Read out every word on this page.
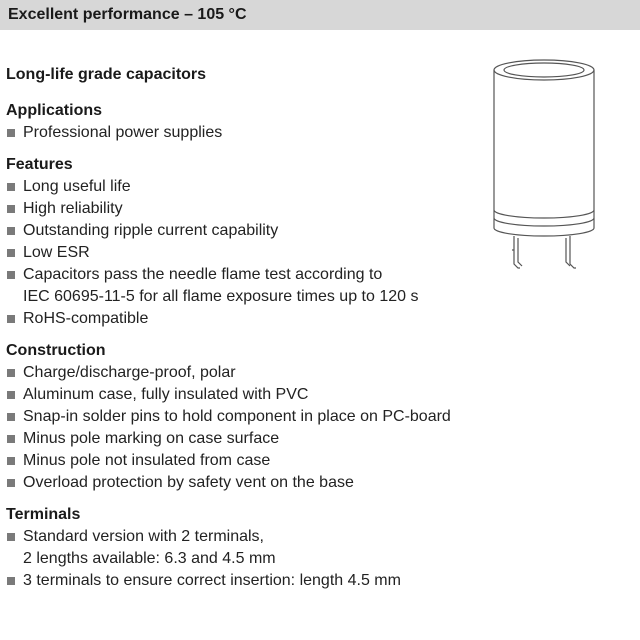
Excellent performance – 105 °C
Long-life grade capacitors
Applications
Professional power supplies
Features
Long useful life
High reliability
Outstanding ripple current capability
Low ESR
Capacitors pass the needle flame test according to
IEC 60695-11-5 for all flame exposure times up to 120 s
RoHS-compatible
Construction
Charge/discharge-proof, polar
Aluminum case, fully insulated with PVC
Snap-in solder pins to hold component in place on PC-board
Minus pole marking on case surface
Minus pole not insulated from case
Overload protection by safety vent on the base
Terminals
Standard version with 2 terminals,
2 lengths available: 6.3 and 4.5 mm
3 terminals to ensure correct insertion: length 4.5 mm
